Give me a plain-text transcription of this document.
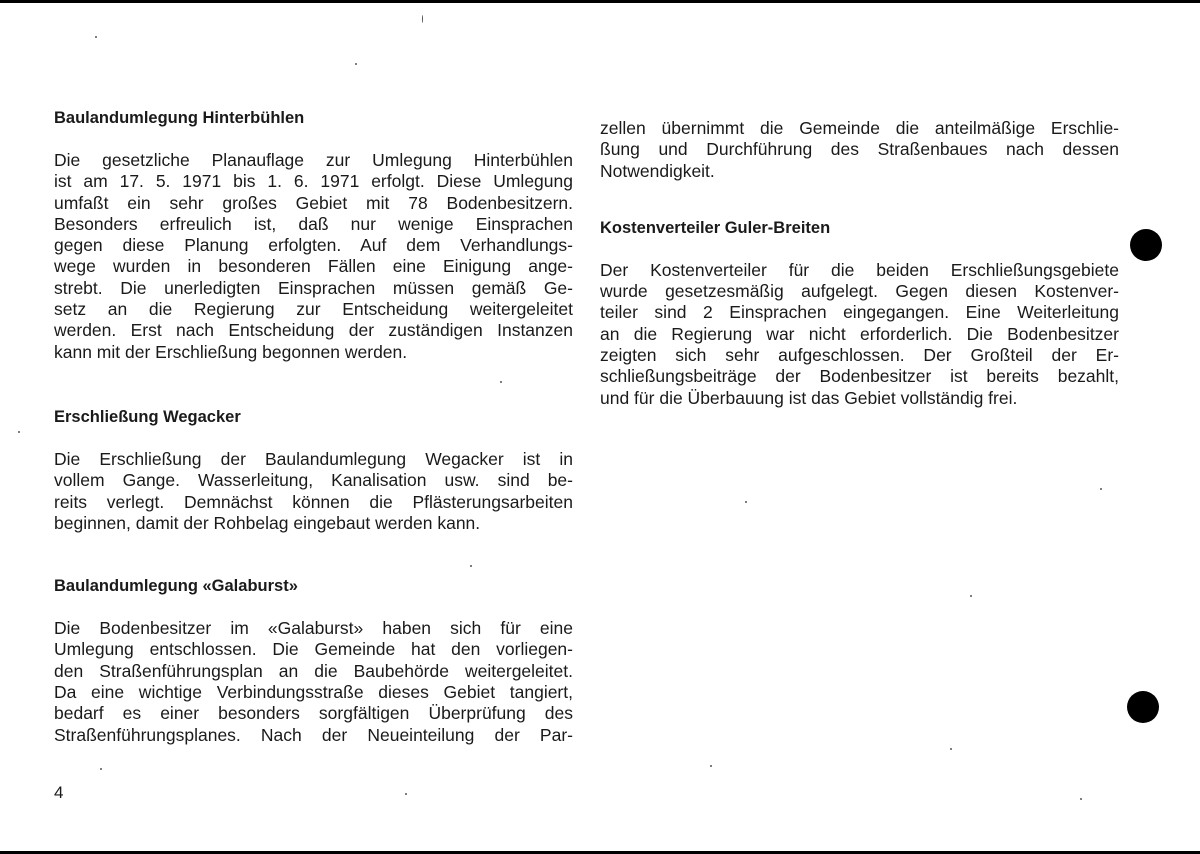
Baulandumlegung Hinterbühlen

Die gesetzliche Planauflage zur Umlegung Hinterbühlen
ist am 17. 5. 1971 bis 1. 6. 1971 erfolgt. Diese Umlegung
umfaßt ein sehr großes Gebiet mit 78 Bodenbesitzern.
Besonders erfreulich ist, daß nur wenige Einsprachen
gegen diese Planung erfolgten. Auf dem Verhandlungs-
wege wurden in besonderen Fällen eine Einigung ange-
strebt. Die unerledigten Einsprachen müssen gemäß Ge-
setz an die Regierung zur Entscheidung weitergeleitet
werden. Erst nach Entscheidung der zuständigen Instanzen
kann mit der Erschließung begonnen werden.

Erschließung Wegacker

Die Erschließung der Baulandumlegung Wegacker ist in
vollem Gange. Wasserleitung, Kanalisation usw. sind be-
reits verlegt. Demnächst können die Pflästerungsarbeiten
beginnen, damit der Rohbelag eingebaut werden kann.

Baulandumlegung «Galaburst»

Die Bodenbesitzer im «Galaburst» haben sich für eine
Umlegung entschlossen. Die Gemeinde hat den vorliegen-
den Straßenführungsplan an die Baubehörde weitergeleitet.
Da eine wichtige Verbindungsstraße dieses Gebiet tangiert,
bedarf es einer besonders sorgfältigen Überprüfung des
Straßenführungsplanes. Nach der Neueinteilung der Par-

zellen übernimmt die Gemeinde die anteilmäßige Erschlie-
ßung und Durchführung des Straßenbaues nach dessen
Notwendigkeit.

Kostenverteiler Guler-Breiten

Der Kostenverteiler für die beiden Erschließungsgebiete
wurde gesetzesmäßig aufgelegt. Gegen diesen Kostenver-
teiler sind 2 Einsprachen eingegangen. Eine Weiterleitung
an die Regierung war nicht erforderlich. Die Bodenbesitzer
zeigten sich sehr aufgeschlossen. Der Großteil der Er-
schließungsbeiträge der Bodenbesitzer ist bereits bezahlt,
und für die Überbauung ist das Gebiet vollständig frei.

4
